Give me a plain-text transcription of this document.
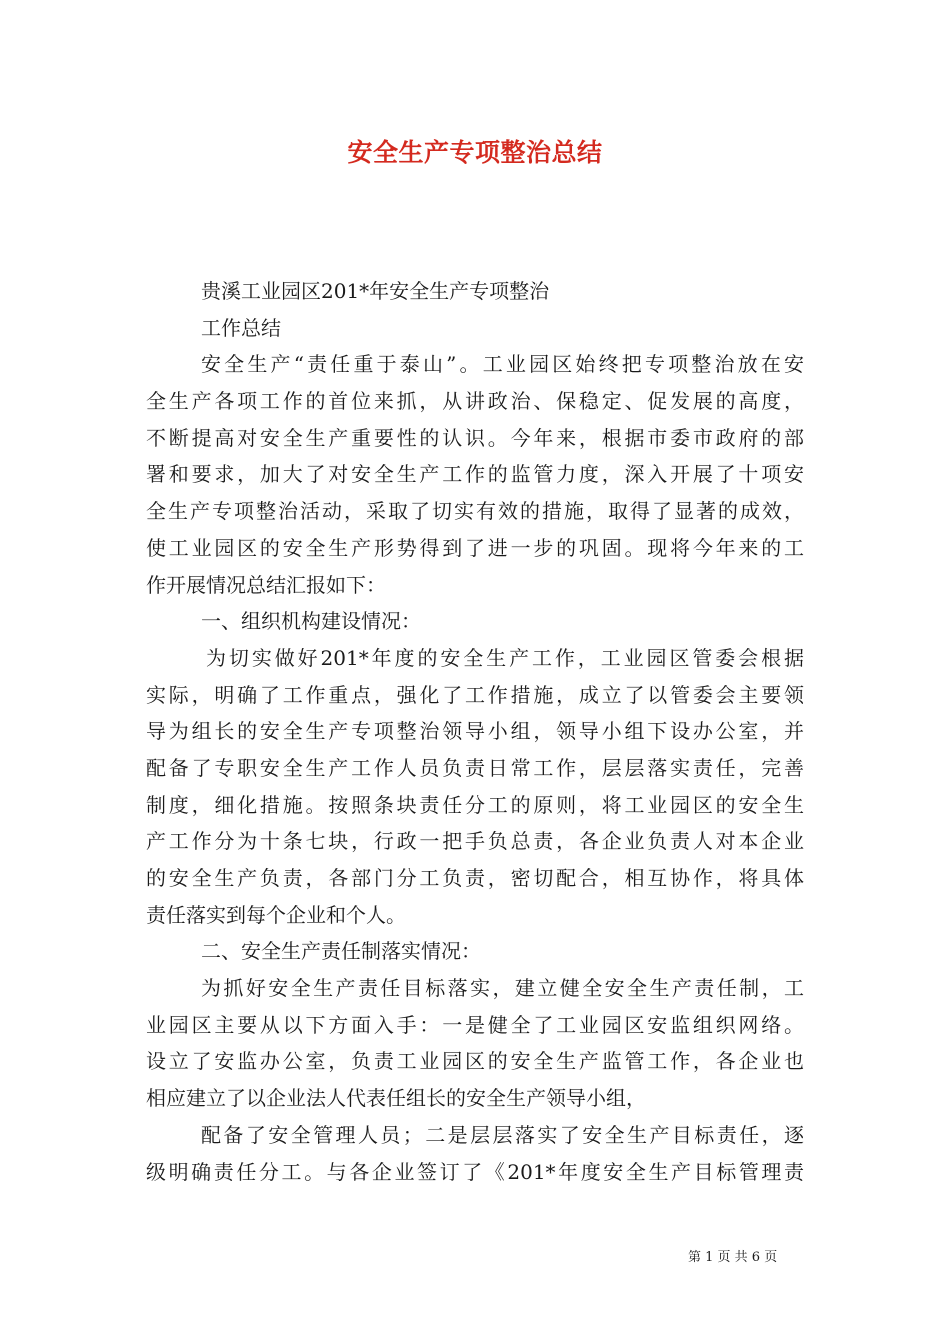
安全生产专项整治总结
贵溪工业园区201*年安全生产专项整治
工作总结
安全生产“责任重于泰山”。工业园区始终把专项整治放在安
全生产各项工作的首位来抓，从讲政治、保稳定、促发展的高度，
不断提高对安全生产重要性的认识。今年来，根据市委市政府的部
署和要求，加大了对安全生产工作的监管力度，深入开展了十项安
全生产专项整治活动，采取了切实有效的措施，取得了显著的成效，
使工业园区的安全生产形势得到了进一步的巩固。现将今年来的工
作开展情况总结汇报如下：
一、组织机构建设情况：
为切实做好201*年度的安全生产工作，工业园区管委会根据
实际，明确了工作重点，强化了工作措施，成立了以管委会主要领
导为组长的安全生产专项整治领导小组，领导小组下设办公室，并
配备了专职安全生产工作人员负责日常工作，层层落实责任，完善
制度，细化措施。按照条块责任分工的原则，将工业园区的安全生
产工作分为十条七块，行政一把手负总责，各企业负责人对本企业
的安全生产负责，各部门分工负责，密切配合，相互协作，将具体
责任落实到每个企业和个人。
二、安全生产责任制落实情况：
为抓好安全生产责任目标落实，建立健全安全生产责任制，工
业园区主要从以下方面入手：一是健全了工业园区安监组织网络。
设立了安监办公室，负责工业园区的安全生产监管工作，各企业也
相应建立了以企业法人代表任组长的安全生产领导小组，
配备了安全管理人员；二是层层落实了安全生产目标责任，逐
级明确责任分工。与各企业签订了《201*年度安全生产目标管理责
第 1 页 共 6 页
